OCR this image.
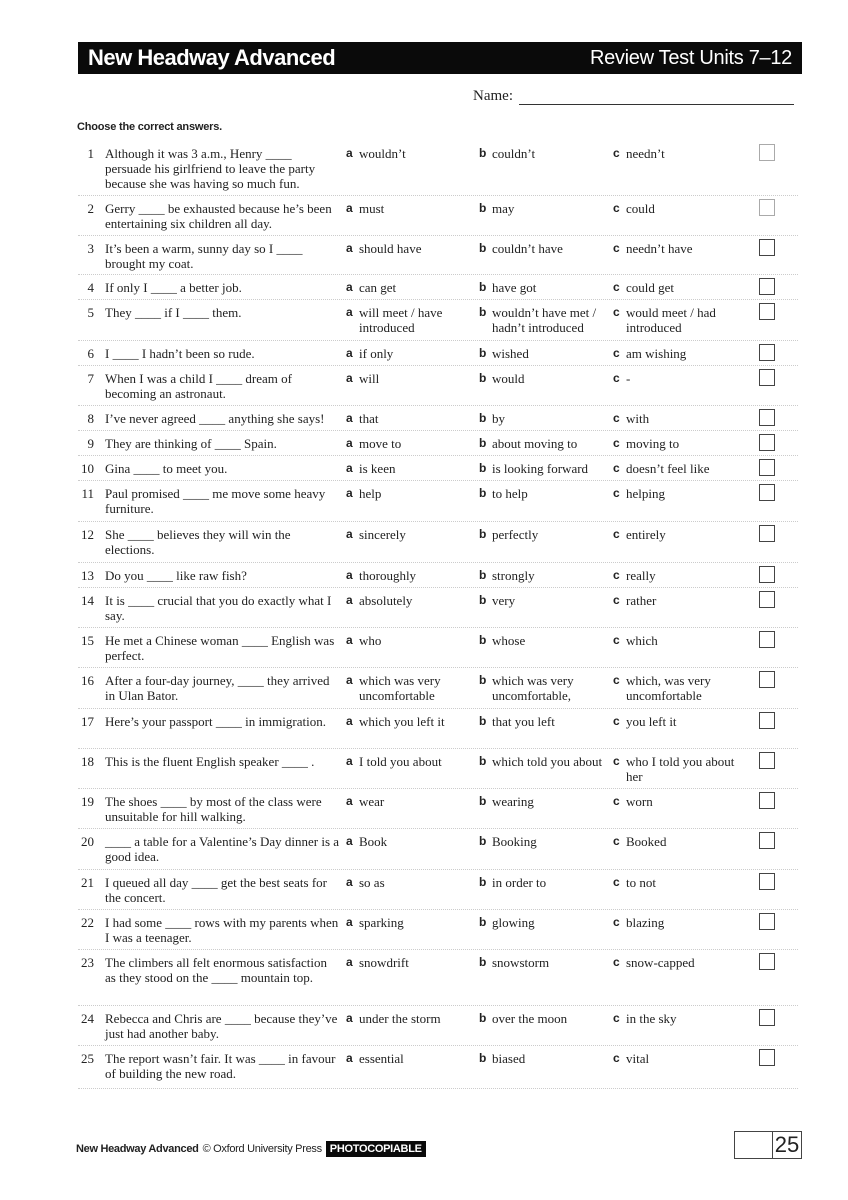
New Headway Advanced	Review Test Units 7–12
Name:
Choose the correct answers.
1 Although it was 3 a.m., Henry ____ persuade his girlfriend to leave the party because she was having so much fun.
a wouldn’t	b couldn’t	c needn’t
2 Gerry ____ be exhausted because he’s been entertaining six children all day.
a must	b may	c could
3 It’s been a warm, sunny day so I ____ brought my coat.
a should have	b couldn’t have	c needn’t have
4 If only I ____ a better job.	a can get	b have got	c could get
5 They ____ if I ____ them.	a will meet / have introduced
b wouldn’t have met / hadn’t introduced
c would meet / had introduced
6 I ____ I hadn’t been so rude.	a if only	b wished	c am wishing
7 When I was a child I ____ dream of becoming an astronaut.
a will	b would	c -
8 I’ve never agreed ____ anything she says!	a that	b by	c with
9 They are thinking of ____ Spain.	a move to	b about moving to	c moving to
10 Gina ____ to meet you.	a is keen	b is looking forward	c doesn’t feel like
11 Paul promised ____ me move some heavy furniture.
a help	b to help	c helping
12 She ____ believes they will win the elections.
a sincerely	b perfectly	c entirely
13 Do you ____ like raw fish?	a thoroughly	b strongly	c really
14 It is ____ crucial that you do exactly what I say.
a absolutely	b very	c rather
15 He met a Chinese woman ____ English was perfect.
a who	b whose	c which
16 After a four-day journey, ____ they arrived in Ulan Bator.
a which was very uncomfortable
b which was very uncomfortable,
c which, was very uncomfortable
17 Here’s your passport ____ in immigration.	a which you left it	b that you left	c you left it
18 This is the fluent English speaker ____ .	a I told you about	b which told you about c who I told you about her
19 The shoes ____ by most of the class were unsuitable for hill walking.
a wear	b wearing	c worn
20 ____ a table for a Valentine’s Day dinner is a good idea.
a Book	b Booking	c Booked
21 I queued all day ____ get the best seats for the concert.
a so as	b in order to	c to not
22 I had some ____ rows with my parents when I was a teenager.
a sparking	b glowing	c blazing
23 The climbers all felt enormous satisfaction as they stood on the ____ mountain top.
a snowdrift	b snowstorm	c snow-capped
24 Rebecca and Chris are ____ because they’ve just had another baby.
a under the storm	b over the moon	c in the sky
25 The report wasn’t fair. It was ____ in favour of building the new road.
a essential	b biased	c vital
New Headway Advanced © Oxford University Press PHOTOCOPIABLE	25
